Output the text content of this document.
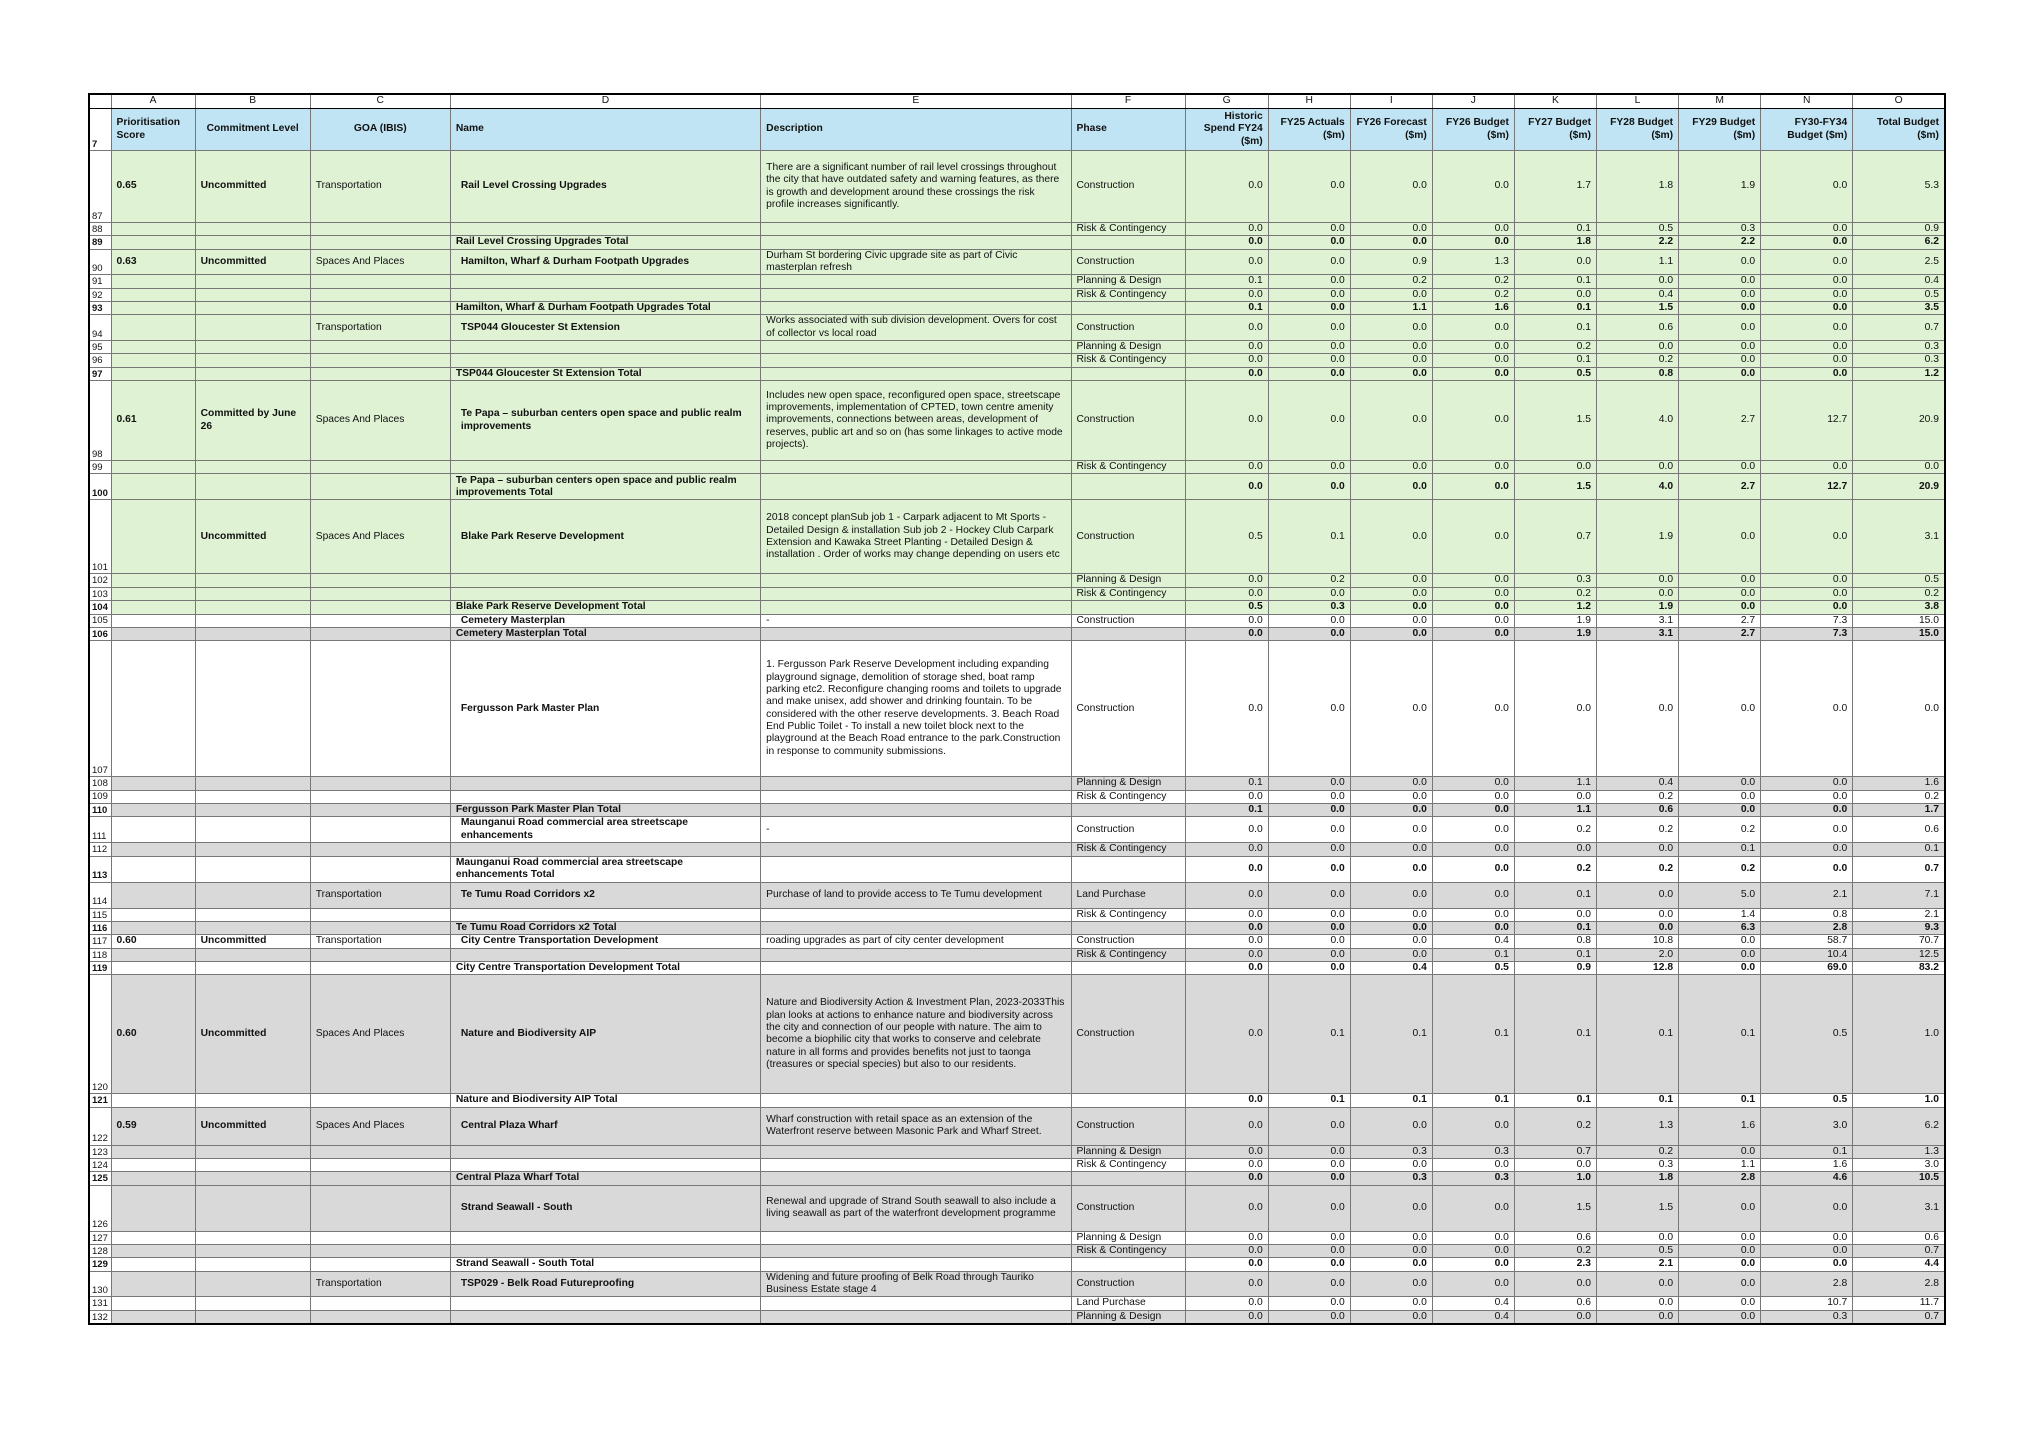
	A	B	C	D	E	F	G	H	I	J	K	L	M	N	O
7	Prioritisation Score	Commitment Level	GOA (IBIS)	Name	Description	Phase	Historic Spend FY24 ($m)	FY25 Actuals ($m)	FY26 Forecast ($m)	FY26 Budget ($m)	FY27 Budget ($m)	FY28 Budget ($m)	FY29 Budget ($m)	FY30-FY34 Budget ($m)	Total Budget ($m)
87	0.65	Uncommitted	Transportation	Rail Level Crossing Upgrades	There are a significant number of rail level crossings throughout the city that have outdated safety and warning features, as there is growth and development around these crossings the risk profile increases significantly.	Construction	0.0	0.0	0.0	0.0	1.7	1.8	1.9	0.0	5.3
88						Risk & Contingency	0.0	0.0	0.0	0.0	0.1	0.5	0.3	0.0	0.9
89				Rail Level Crossing Upgrades Total			0.0	0.0	0.0	0.0	1.8	2.2	2.2	0.0	6.2
90	0.63	Uncommitted	Spaces And Places	Hamilton, Wharf & Durham Footpath Upgrades	Durham St bordering Civic upgrade site as part of Civic masterplan refresh	Construction	0.0	0.0	0.9	1.3	0.0	1.1	0.0	0.0	2.5
91						Planning & Design	0.1	0.0	0.2	0.2	0.1	0.0	0.0	0.0	0.4
92						Risk & Contingency	0.0	0.0	0.0	0.2	0.0	0.4	0.0	0.0	0.5
93				Hamilton, Wharf & Durham Footpath Upgrades Total			0.1	0.0	1.1	1.6	0.1	1.5	0.0	0.0	3.5
94			Transportation	TSP044 Gloucester St Extension	Works associated with sub division development. Overs for cost of collector vs local road	Construction	0.0	0.0	0.0	0.0	0.1	0.6	0.0	0.0	0.7
95						Planning & Design	0.0	0.0	0.0	0.0	0.2	0.0	0.0	0.0	0.3
96						Risk & Contingency	0.0	0.0	0.0	0.0	0.1	0.2	0.0	0.0	0.3
97				TSP044 Gloucester St Extension Total			0.0	0.0	0.0	0.0	0.5	0.8	0.0	0.0	1.2
98	0.61	Committed by June 26	Spaces And Places	Te Papa – suburban centers open space and public realm improvements	Includes new open space, reconfigured open space, streetscape improvements, implementation of CPTED, town centre amenity improvements, connections between areas, development of reserves, public art and so on (has some linkages to active mode projects).	Construction	0.0	0.0	0.0	0.0	1.5	4.0	2.7	12.7	20.9
99						Risk & Contingency	0.0	0.0	0.0	0.0	0.0	0.0	0.0	0.0	0.0
100				Te Papa – suburban centers open space and public realm improvements Total			0.0	0.0	0.0	0.0	1.5	4.0	2.7	12.7	20.9
101		Uncommitted	Spaces And Places	Blake Park Reserve Development	2018 concept planSub job 1 - Carpark adjacent to Mt Sports - Detailed Design & installation Sub job 2 - Hockey Club Carpark Extension and Kawaka Street Planting - Detailed Design & installation . Order of works may change depending on users etc	Construction	0.5	0.1	0.0	0.0	0.7	1.9	0.0	0.0	3.1
102						Planning & Design	0.0	0.2	0.0	0.0	0.3	0.0	0.0	0.0	0.5
103						Risk & Contingency	0.0	0.0	0.0	0.0	0.2	0.0	0.0	0.0	0.2
104				Blake Park Reserve Development Total			0.5	0.3	0.0	0.0	1.2	1.9	0.0	0.0	3.8
105				Cemetery Masterplan	-	Construction	0.0	0.0	0.0	0.0	1.9	3.1	2.7	7.3	15.0
106				Cemetery Masterplan Total			0.0	0.0	0.0	0.0	1.9	3.1	2.7	7.3	15.0
107				Fergusson Park Master Plan	1. Fergusson Park Reserve Development including expanding playground signage, demolition of storage shed, boat ramp parking etc2. Reconfigure changing rooms and toilets to upgrade and make unisex, add shower and drinking fountain. To be considered with the other reserve developments. 3. Beach Road End Public Toilet - To install a new toilet block next to the playground at the Beach Road entrance to the park.Construction in response to community submissions.	Construction	0.0	0.0	0.0	0.0	0.0	0.0	0.0	0.0	0.0
108						Planning & Design	0.1	0.0	0.0	0.0	1.1	0.4	0.0	0.0	1.6
109						Risk & Contingency	0.0	0.0	0.0	0.0	0.0	0.2	0.0	0.0	0.2
110				Fergusson Park Master Plan Total			0.1	0.0	0.0	0.0	1.1	0.6	0.0	0.0	1.7
111				Maunganui Road commercial area streetscape enhancements	-	Construction	0.0	0.0	0.0	0.0	0.2	0.2	0.2	0.0	0.6
112						Risk & Contingency	0.0	0.0	0.0	0.0	0.0	0.0	0.1	0.0	0.1
113				Maunganui Road commercial area streetscape enhancements Total			0.0	0.0	0.0	0.0	0.2	0.2	0.2	0.0	0.7
114			Transportation	Te Tumu Road Corridors x2	Purchase of land to provide access to Te Tumu development	Land Purchase	0.0	0.0	0.0	0.0	0.1	0.0	5.0	2.1	7.1
115						Risk & Contingency	0.0	0.0	0.0	0.0	0.0	0.0	1.4	0.8	2.1
116				Te Tumu Road Corridors x2 Total			0.0	0.0	0.0	0.0	0.1	0.0	6.3	2.8	9.3
117	0.60	Uncommitted	Transportation	City Centre Transportation Development	roading upgrades as part of city center development	Construction	0.0	0.0	0.0	0.4	0.8	10.8	0.0	58.7	70.7
118						Risk & Contingency	0.0	0.0	0.0	0.1	0.1	2.0	0.0	10.4	12.5
119				City Centre Transportation Development Total			0.0	0.0	0.4	0.5	0.9	12.8	0.0	69.0	83.2
120	0.60	Uncommitted	Spaces And Places	Nature and Biodiversity AIP	Nature and Biodiversity Action & Investment Plan, 2023-2033This plan looks at actions to enhance nature and biodiversity across the city and connection of our people with nature. The aim to become a biophilic city that works to conserve and celebrate nature in all forms and provides benefits not just to taonga (treasures or special species) but also to our residents.	Construction	0.0	0.1	0.1	0.1	0.1	0.1	0.1	0.5	1.0
121				Nature and Biodiversity AIP Total			0.0	0.1	0.1	0.1	0.1	0.1	0.1	0.5	1.0
122	0.59	Uncommitted	Spaces And Places	Central Plaza Wharf	Wharf construction with retail space as an extension of the Waterfront reserve between Masonic Park and Wharf Street.	Construction	0.0	0.0	0.0	0.0	0.2	1.3	1.6	3.0	6.2
123						Planning & Design	0.0	0.0	0.3	0.3	0.7	0.2	0.0	0.1	1.3
124						Risk & Contingency	0.0	0.0	0.0	0.0	0.0	0.3	1.1	1.6	3.0
125				Central Plaza Wharf Total			0.0	0.0	0.3	0.3	1.0	1.8	2.8	4.6	10.5
126				Strand Seawall - South	Renewal and upgrade of Strand South seawall to also include a living seawall as part of the waterfront development programme	Construction	0.0	0.0	0.0	0.0	1.5	1.5	0.0	0.0	3.1
127						Planning & Design	0.0	0.0	0.0	0.0	0.6	0.0	0.0	0.0	0.6
128						Risk & Contingency	0.0	0.0	0.0	0.0	0.2	0.5	0.0	0.0	0.7
129				Strand Seawall - South Total			0.0	0.0	0.0	0.0	2.3	2.1	0.0	0.0	4.4
130			Transportation	TSP029 - Belk Road Futureproofing	Widening and future proofing of Belk Road through Tauriko Business Estate stage 4	Construction	0.0	0.0	0.0	0.0	0.0	0.0	0.0	2.8	2.8
131						Land Purchase	0.0	0.0	0.0	0.4	0.6	0.0	0.0	10.7	11.7
132						Planning & Design	0.0	0.0	0.0	0.4	0.0	0.0	0.0	0.3	0.7
